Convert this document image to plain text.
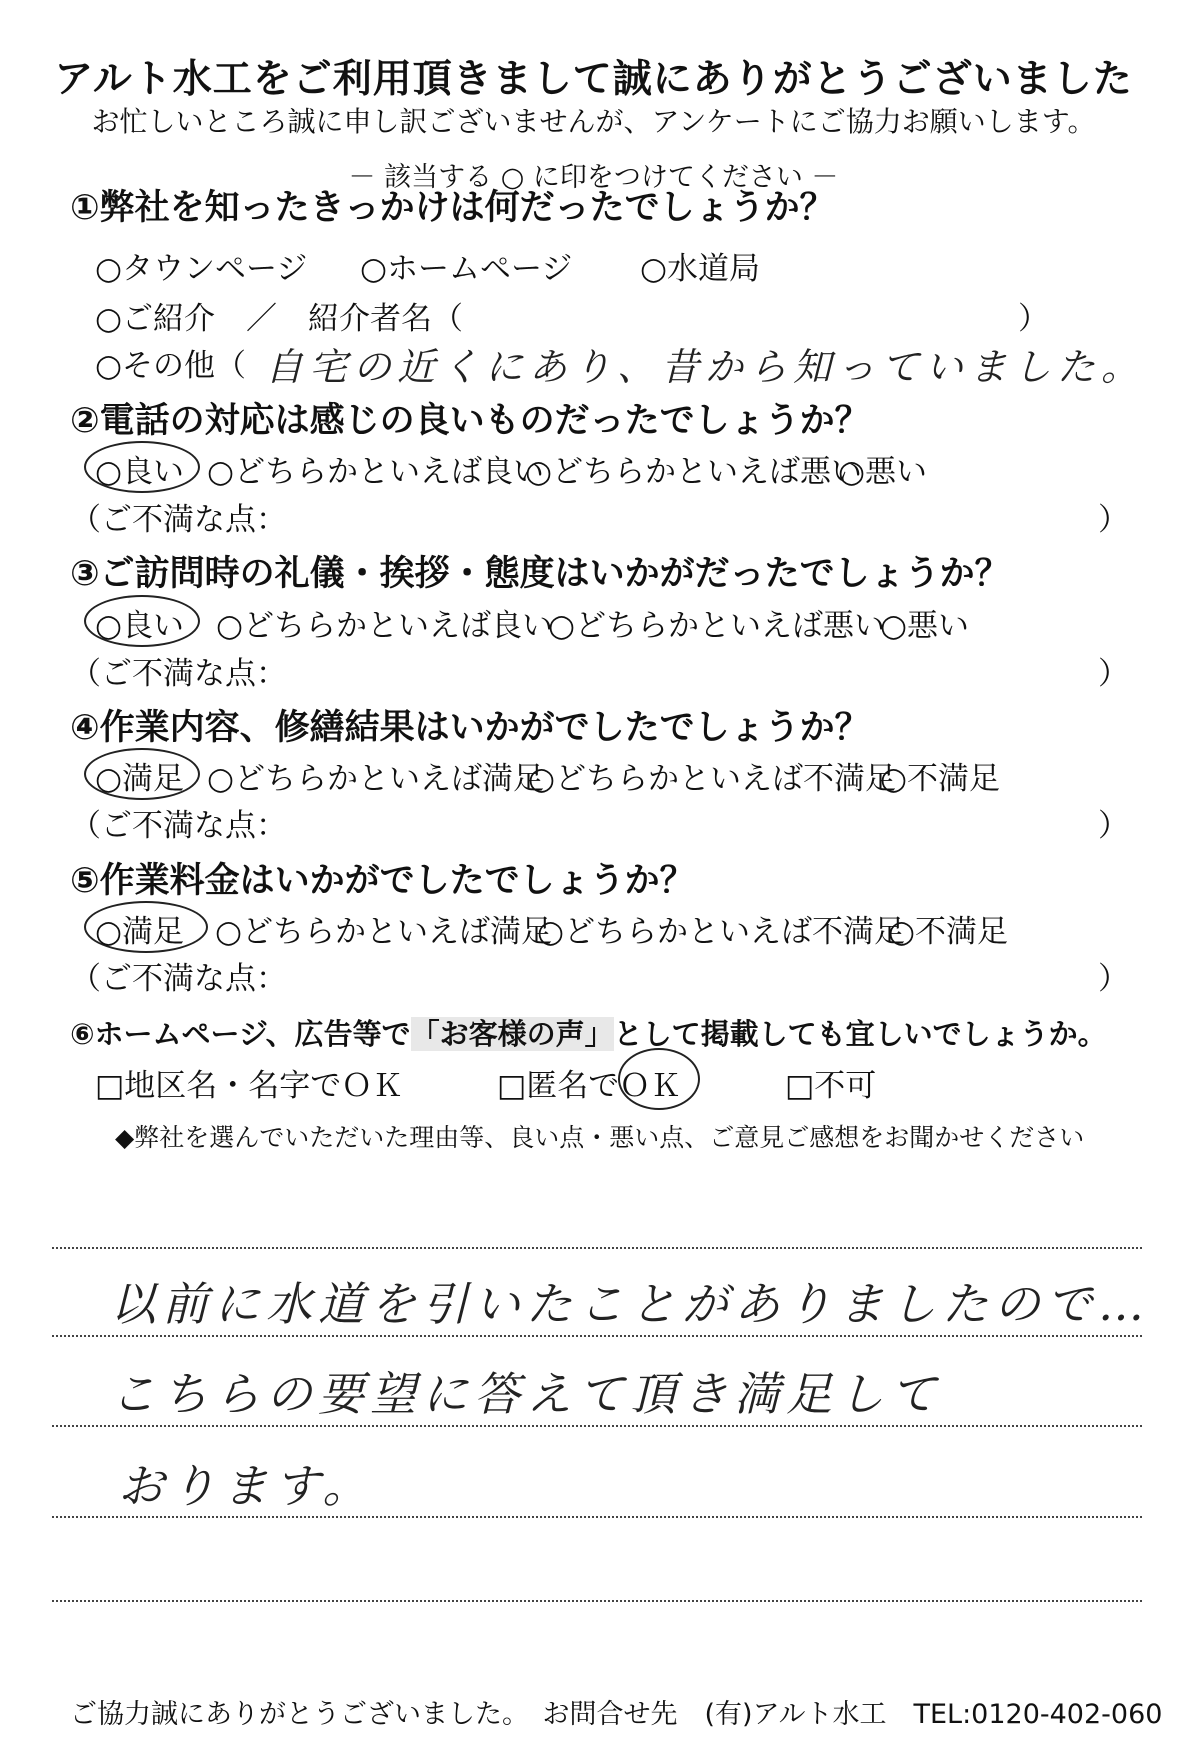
アルト水工をご利用頂きまして誠にありがとうございました
お忙しいところ誠に申し訳ございませんが、アンケートにご協力お願いします。
－ 該当する ○ に印をつけてください －
①弊社を知ったきっかけは何だったでしょうか？
○タウンページ ○ホームページ ○水道局
○ご紹介　／　紹介者名（	）
○その他（ 自宅の近くにあり、昔から知っていました。
②電話の対応は感じの良いものだったでしょうか？
○良い ○どちらかといえば良い
○どちらかといえば悪い
○悪い
（ご不満な点：	）
③ご訪問時の礼儀・挨拶・態度はいかがだったでしょうか？
○良い ○どちらかといえば良い
○どちらかといえば悪い
○悪い
（ご不満な点：	）
④作業内容、修繕結果はいかがでしたでしょうか？
○満足 ○どちらかといえば満足
○どちらかといえば不満足
○不満足
（ご不満な点：	）
⑤作業料金はいかがでしたでしょうか？
○満足 ○どちらかといえば満足
○どちらかといえば不満足
○不満足
（ご不満な点：	）
⑥ホームページ、広告等で「お客様の声」として掲載しても宜しいでしょうか。
□地区名・名字でＯＫ	□匿名でＯＫ	□不可
◆弊社を選んでいただいた理由等、良い点・悪い点、ご意見ご感想をお聞かせください
以前に水道を引いたことがありましたので…
こちらの要望に答えて頂き満足して
おります。
ご協力誠にありがとうございました。　お問合せ先　(有)アルト水工　TEL:0120-402-060
